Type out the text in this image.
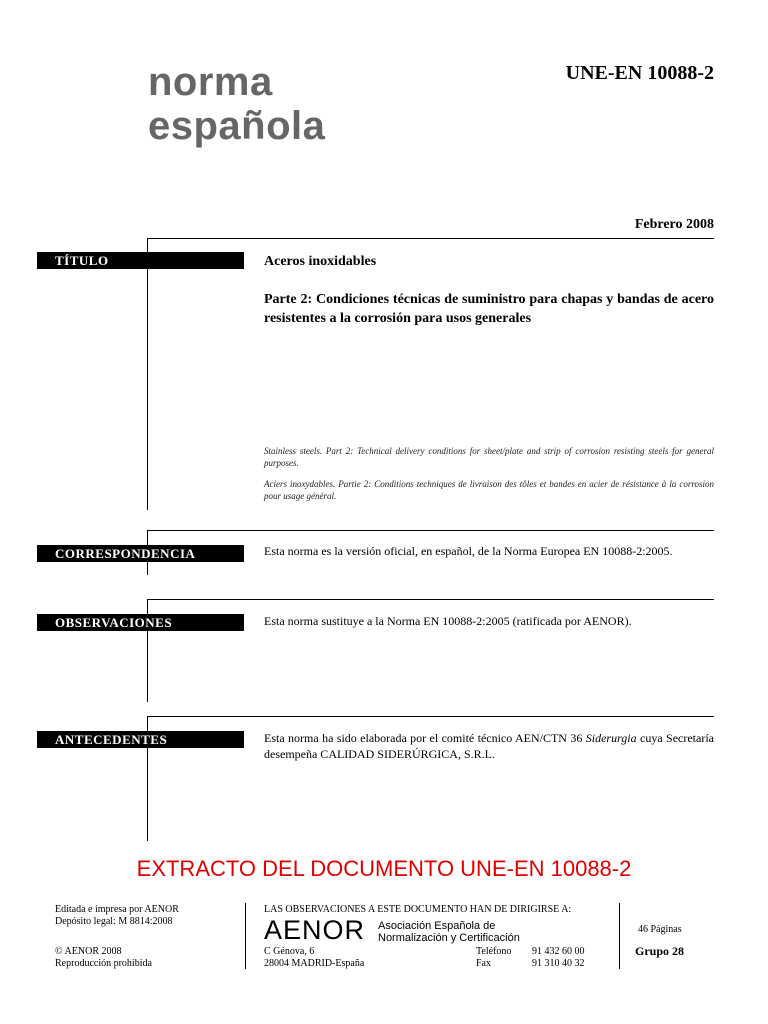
norma
española
UNE-EN 10088-2
Febrero 2008
TÍTULO	Aceros inoxidables
Parte 2: Condiciones técnicas de suministro para chapas y bandas de acero resistentes a la corrosión para usos generales
Stainless steels. Part 2: Technical delivery conditions for sheet/plate and strip of corrosion resisting steels for general purposes.
Aciers inoxydables. Partie 2: Conditions techniques de livraison des tôles et bandes en acier de résistance à la corrosion pour usage général.
CORRESPONDENCIA	Esta norma es la versión oficial, en español, de la Norma Europea EN 10088-2:2005.
OBSERVACIONES	Esta norma sustituye a la Norma EN 10088-2:2005 (ratificada por AENOR).
ANTECEDENTES	Esta norma ha sido elaborada por el comité técnico AEN/CTN 36 Siderurgia cuya Secretaría desempeña CALIDAD SIDERÚRGICA, S.R.L.
EXTRACTO DEL DOCUMENTO UNE-EN 10088-2
Editada e impresa por AENOR
Depósito legal: M 8814:2008
© AENOR 2008
Reproducción prohibida
LAS OBSERVACIONES A ESTE DOCUMENTO HAN DE DIRIGIRSE A:
AENOR Asociación Española de
Normalización y Certificación
C Génova, 6
28004 MADRID-España
Teléfono 91 432 60 00
Fax	91 310 40 32
46 Páginas
Grupo 28
